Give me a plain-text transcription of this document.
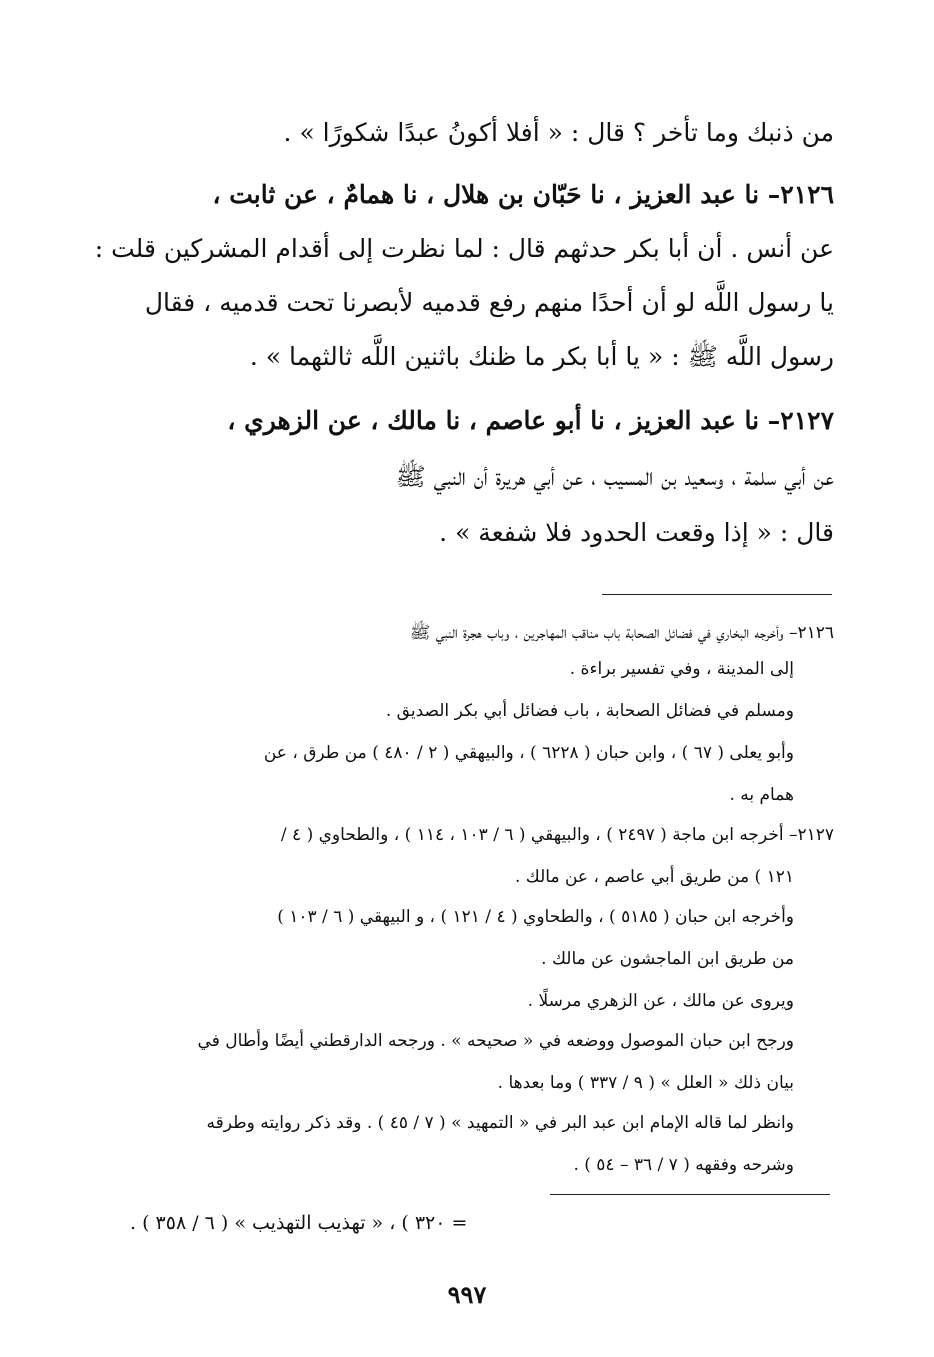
من ذنبك وما تأخر ؟ قال : « أفلا أكونُ عبدًا شكورًا » .
٢١٢٦– نا عبد العزيز ، نا حَبّان بن هلال ، نا همامٌ ، عن ثابت ،
عن أنس . أن أبا بكر حدثهم قال : لما نظرت إلى أقدام المشركين قلت :
يا رسول اللَّه لو أن أحدًا منهم رفع قدميه لأبصرنا تحت قدميه ، فقال
رسول اللَّه ﷺ : « يا أبا بكر ما ظنك باثنين اللَّه ثالثهما » .
٢١٢٧– نا عبد العزيز ، نا أبو عاصم ، نا مالك ، عن الزهري ،
عن أبي سلمة ، وسعيد بن المسيب ، عن أبي هريرة أن النبي ﷺ
قال : « إذا وقعت الحدود فلا شفعة » .
٢١٢٦– وأخرجه البخاري في فضائل الصحابة باب مناقب المهاجرين ، وباب هجرة النبي ﷺ
إلى المدينة ، وفي تفسير براءة .
ومسلم في فضائل الصحابة ، باب فضائل أبي بكر الصديق .
وأبو يعلى ( ٦٧ ) ، وابن حبان ( ٦٢٢٨ ) ، والبيهقي ( ٢ / ٤٨٠ ) من طرق ، عن
همام به .
٢١٢٧– أخرجه ابن ماجة ( ٢٤٩٧ ) ، والبيهقي ( ٦ / ١٠٣ ، ١١٤ ) ، والطحاوي ( ٤ /
١٢١ ) من طريق أبي عاصم ، عن مالك .
وأخرجه ابن حبان ( ٥١٨٥ ) ، والطحاوي ( ٤ / ١٢١ ) ، و البيهقي ( ٦ / ١٠٣ )
من طريق ابن الماجشون عن مالك .
ويروى عن مالك ، عن الزهري مرسلًا .
ورجح ابن حبان الموصول ووضعه في « صحيحه » . ورجحه الدارقطني أيضًا وأطال في
بيان ذلك « العلل » ( ٩ / ٣٣٧ ) وما بعدها .
وانظر لما قاله الإمام ابن عبد البر في « التمهيد » ( ٧ / ٤٥ ) . وقد ذكر روايته وطرقه
وشرحه وفقهه ( ٧ / ٣٦ – ٥٤ ) .
= ٣٢٠ ) ، « تهذيب التهذيب » ( ٦ / ٣٥٨ ) .
٩٩٧
